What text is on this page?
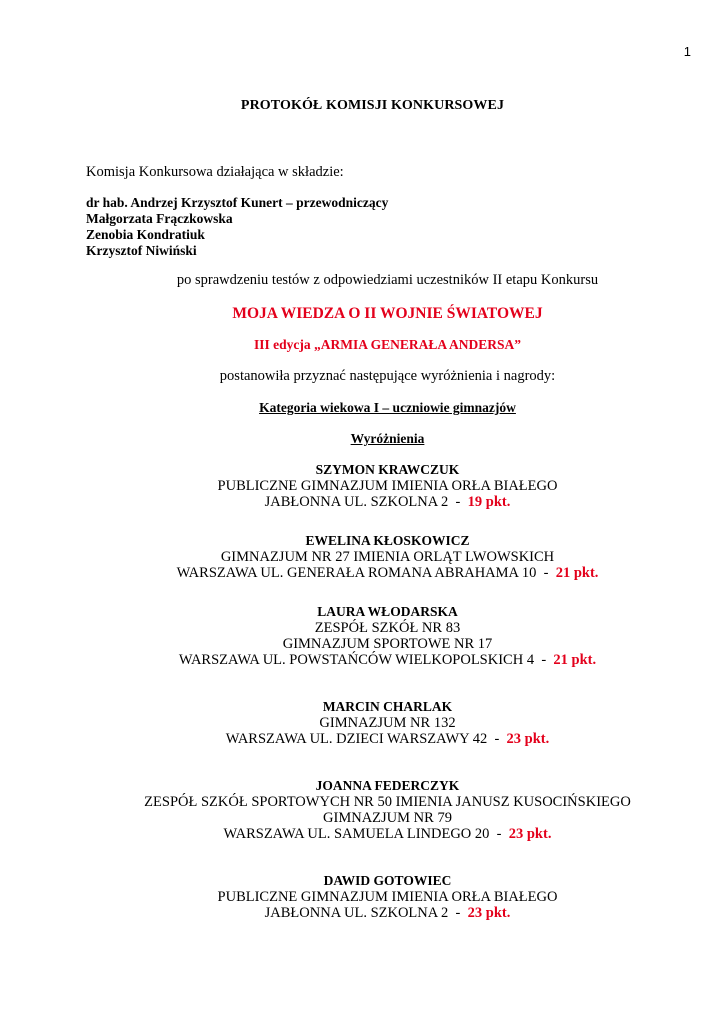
1
PROTOKÓŁ KOMISJI KONKURSOWEJ
Komisja Konkursowa działająca w składzie:
dr hab. Andrzej Krzysztof Kunert – przewodniczący
Małgorzata Frączkowska
Zenobia Kondratiuk
Krzysztof Niwiński
po sprawdzeniu testów z odpowiedziami uczestników II etapu Konkursu
MOJA WIEDZA O II WOJNIE ŚWIATOWEJ
III edycja „ARMIA GENERAŁA ANDERSA”
postanowiła przyznać następujące wyróżnienia i nagrody:
Kategoria wiekowa I – uczniowie gimnazjów
Wyróżnienia
SZYMON KRAWCZUK
PUBLICZNE GIMNAZJUM IMIENIA ORŁA BIAŁEGO
JABŁONNA UL. SZKOLNA 2  -  19 pkt.
EWELINA KŁOSKOWICZ
GIMNAZJUM NR 27 IMIENIA ORLĄT LWOWSKICH
WARSZAWA UL. GENERAŁA ROMANA ABRAHAMA 10  -  21 pkt.
LAURA WŁODARSKA
ZESPÓŁ SZKÓŁ NR 83
GIMNAZJUM SPORTOWE NR 17
WARSZAWA UL. POWSTAŃCÓW WIELKOPOLSKICH 4  -  21 pkt.
MARCIN CHARLAK
GIMNAZJUM NR 132
WARSZAWA UL. DZIECI WARSZAWY 42  -  23 pkt.
JOANNA FEDERCZYK
ZESPÓŁ SZKÓŁ SPORTOWYCH NR 50 IMIENIA JANUSZ KUSOCIŃSKIEGO
GIMNAZJUM NR 79
WARSZAWA UL. SAMUELA LINDEGO 20  -  23 pkt.
DAWID GOTOWIEC
PUBLICZNE GIMNAZJUM IMIENIA ORŁA BIAŁEGO
JABŁONNA UL. SZKOLNA 2  -  23 pkt.
